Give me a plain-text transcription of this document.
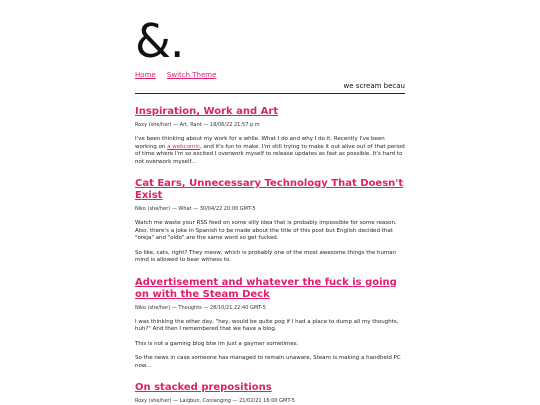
&.
Home Switch Theme
we scream becau
Inspiration, Work and Art
Roxy (she/her) — Art, Rant — 18/06/22 21:57 p.m

I've been thinking about my work for a while. What I do and why I do it. Recently I've been working on a webcomic, and it's fun to make. I'm still trying to make it out alive out of that period of time where I'm so excited I overwork myself to release updates as fast as possible. It's hard to not overwork myself...

Cat Ears, Unnecessary Technology That Doesn't Exist
Niko (she/her) — What — 30/04/22 20:00 GMT-5

Watch me waste your RSS feed on some silly idea that is probably impossible for some reason. Also, there's a joke in Spanish to be made about the title of this post but English decided that "oreja" and "oído" are the same word so get fucked.

So like, cats, right? They meow, which is probably one of the most awesome things the human mind is allowed to bear witness to.

Advertisement and whatever the fuck is going on with the Steam Deck
Niko (she/her) — Thoughts — 28/10/21 22:40 GMT-5

I was thinking the other day, "hey, would be quite pog if I had a place to dump all my thoughts, huh?" And then I remembered that we have a blog.

This is not a gaming blog btw im just a gaymer sometimes.

So the news in case someone has managed to remain unaware, Steam is making a handheld PC now...

On stacked prepositions
Roxy (she/her) — Laiqbun, Conlanging — 21/02/21 16:00 GMT-5
